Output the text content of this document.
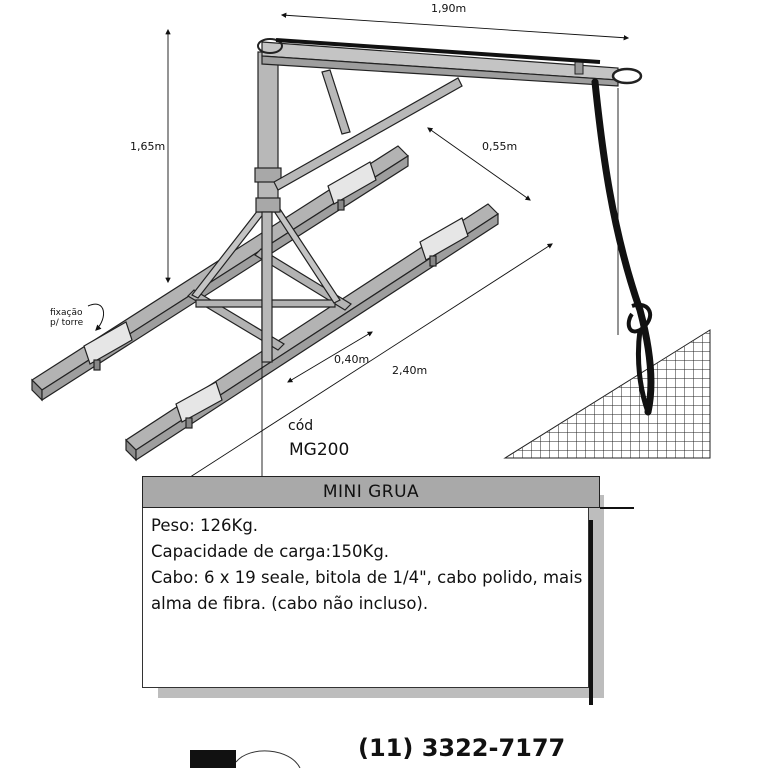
1,90m
1,65m	0,55m
0,40m
2,40m
fixação
p/ torre
cód
MG200
MINI GRUA
Peso: 126Kg.
Capacidade de carga:150Kg.
Cabo: 6 x 19 seale, bitola de 1/4", cabo polido, mais
alma de fibra. (cabo não incluso).
(11) 3322-7177
